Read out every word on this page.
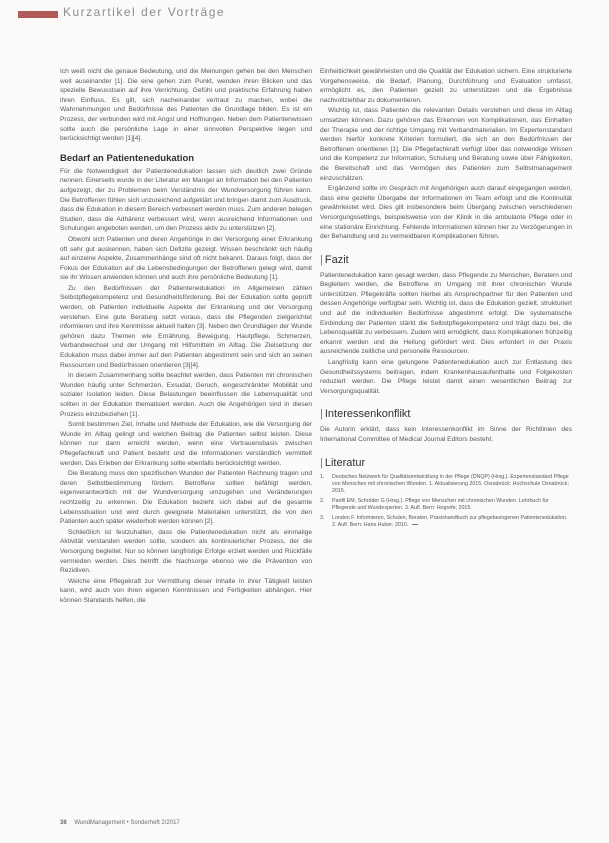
Kurzartikel der Vorträge

Ich weiß nicht die genaue Bedeutung, und die Meinungen gehen bei den Menschen weit auseinander [1]. Die eine gehen zum Punkt, wenden ihren Blicken und das spezielle Bewusstsein auf ihre Verrichtung. Gefühl und praktische Erfahrung haben ihren Einfluss. Es gilt, sich nacheinander vertraut zu machen, wobei die Wahrnehmungen und Bedürfnisse des Patienten die Grundlage bilden. Es ist ein Prozess, der verbunden wird mit Angst und Hoffnungen. Neben dem Patientenwissen sollte auch die persönliche Lage in einer sinnvollen Perspektive liegen und berücksichtigt werden [1][4].

Bedarf an Patientenedukation

Für die Notwendigkeit der Patientenedukation lassen sich deutlich zwei Gründe nennen. Einerseits wurde in der Literatur ein Mangel an Information bei den Patienten aufgezeigt, der zu Problemen beim Verständnis der Wundversorgung führen kann. Die Betroffenen fühlen sich unzureichend aufgeklärt und bringen damit zum Ausdruck, dass die Edukation in diesem Bereich verbessert werden muss. Zum anderen belegen Studien, dass die Adhärenz verbessert wird, wenn ausreichend Informationen und Schulungen angeboten werden, um den Prozess aktiv zu unterstützen [2].

Obwohl sich Patienten und deren Angehörige in der Versorgung einer Erkrankung oft sehr gut auskennen, haben sich Defizite gezeigt. Wissen beschränkt sich häufig auf einzelne Aspekte, Zusammenhänge sind oft nicht bekannt. Daraus folgt, dass der Fokus der Edukation auf die Lebensbedingungen der Betroffenen gelegt wird, damit sie ihr Wissen anwenden können und auch ihre persönliche Bedeutung [1].

Zu den Bedürfnissen der Patientenedukation im Allgemeinen zählen Selbstpflegekompetenz und Gesundheitsförderung. Bei der Edukation sollte geprüft werden, ob Patienten individuelle Aspekte der Erkrankung und der Versorgung verstehen. Eine gute Beratung setzt voraus, dass die Pflegenden zielgerichtet informieren und ihre Kenntnisse aktuell halten [3]. Neben den Grundlagen der Wunde gehören dazu Themen wie Ernährung, Bewegung, Hautpflege, Schmerzen, Verbandwechsel und der Umgang mit Hilfsmitteln im Alltag. Die Zielsetzung der Edukation muss dabei immer auf den Patienten abgestimmt sein und sich an seinen Ressourcen und Bedürfnissen orientieren [3][4].

In diesem Zusammenhang sollte beachtet werden, dass Patienten mit chronischen Wunden häufig unter Schmerzen, Exsudat, Geruch, eingeschränkter Mobilität und sozialer Isolation leiden. Diese Belastungen beeinflussen die Lebensqualität und sollten in der Edukation thematisiert werden. Auch die Angehörigen sind in diesen Prozess einzubeziehen [1].

Somit bestimmen Ziel, Inhalte und Methode der Edukation, wie die Versorgung der Wunde im Alltag gelingt und welchen Beitrag die Patienten selbst leisten. Diese können nur dann erreicht werden, wenn eine Vertrauensbasis zwischen Pflegefachkraft und Patient besteht und die Informationen verständlich vermittelt werden. Das Erleben der Erkrankung sollte ebenfalls berücksichtigt werden.

Die Beratung muss den spezifischen Wunden der Patienten Rechnung tragen und deren Selbstbestimmung fördern. Betroffene sollten befähigt werden, eigenverantwortlich mit der Wundversorgung umzugehen und Veränderungen rechtzeitig zu erkennen. Die Edukation bezieht sich dabei auf die gesamte Lebenssituation und wird durch geeignete Materialien unterstützt, die von den Patienten auch später wiederholt werden können [2].

Schließlich ist festzuhalten, dass die Patientenedukation nicht als einmalige Aktivität verstanden werden sollte, sondern als kontinuierlicher Prozess, der die Versorgung begleitet. Nur so können langfristige Erfolge erzielt werden und Rückfälle vermieden werden. Dies betrifft die Nachsorge ebenso wie die Prävention von Rezidiven.

Welche eine Pflegekraft zur Vermittlung dieser Inhalte in ihrer Tätigkeit leisten kann, wird auch von ihren eigenen Kenntnissen und Fertigkeiten abhängen. Hier können Standards helfen, die

Einheitlichkeit gewährleisten und die Qualität der Edukation sichern. Eine strukturierte Vorgehensweise, die Bedarf, Planung, Durchführung und Evaluation umfasst, ermöglicht es, den Patienten gezielt zu unterstützen und die Ergebnisse nachvollziehbar zu dokumentieren.

Wichtig ist, dass Patienten die relevanten Details verstehen und diese im Alltag umsetzen können. Dazu gehören das Erkennen von Komplikationen, das Einhalten der Therapie und der richtige Umgang mit Verbandmaterialien. Im Expertenstandard werden hierfür konkrete Kriterien formuliert, die sich an den Bedürfnissen der Betroffenen orientieren [1]. Die Pflegefachkraft verfügt über das notwendige Wissen und die Kompetenz zur Information, Schulung und Beratung sowie über Fähigkeiten, die Bereitschaft und das Vermögen des Patienten zum Selbstmanagement einzuschätzen.

Ergänzend sollte im Gespräch mit Angehörigen auch darauf eingegangen werden, dass eine gezielte Übergabe der Informationen im Team erfolgt und die Kontinuität gewährleistet wird. Dies gilt insbesondere beim Übergang zwischen verschiedenen Versorgungssettings, beispielsweise von der Klinik in die ambulante Pflege oder in eine stationäre Einrichtung. Fehlende Informationen können hier zu Verzögerungen in der Behandlung und zu vermeidbaren Komplikationen führen.

| Fazit

Patientenedukation kann gesagt werden, dass Pflegende zu Menschen, Beratern und Begleitern werden, die Betroffene im Umgang mit ihrer chronischen Wunde unterstützen. Pflegekräfte sollten hierbei als Ansprechpartner für den Patienten und dessen Angehörige verfügbar sein. Wichtig ist, dass die Edukation gezielt, strukturiert und auf die individuellen Bedürfnisse abgestimmt erfolgt. Die systematische Einbindung der Patienten stärkt die Selbstpflegekompetenz und trägt dazu bei, die Lebensqualität zu verbessern. Zudem wird ermöglicht, dass Komplikationen frühzeitig erkannt werden und die Heilung gefördert wird. Dies erfordert in der Praxis ausreichende zeitliche und personelle Ressourcen.

Langfristig kann eine gelungene Patientenedukation auch zur Entlastung des Gesundheitssystems beitragen, indem Krankenhausaufenthalte und Folgekosten reduziert werden. Die Pflege leistet damit einen wesentlichen Beitrag zur Versorgungsqualität.

| Interessenkonflikt

Die Autorin erklärt, dass kein Interessenkonflikt im Sinne der Richtlinien des International Committee of Medical Journal Editors besteht.

| Literatur
1. Deutsches Netzwerk für Qualitätsentwicklung in der Pflege (DNQP) (Hrsg.). Expertenstandard Pflege von Menschen mit chronischen Wunden. 1. Aktualisierung 2015. Osnabrück: Hochschule Osnabrück; 2015.
2. Panfil EM, Schröder G (Hrsg.). Pflege von Menschen mit chronischen Wunden. Lehrbuch für Pflegende und Wundexperten. 3. Aufl. Bern: Hogrefe; 2015.
3. London F. Informieren, Schulen, Beraten. Praxishandbuch zur pflegebezogenen Patientenedukation. 2. Aufl. Bern: Hans Huber; 2010.
38 WundManagement • Sonderheft 2/2017
